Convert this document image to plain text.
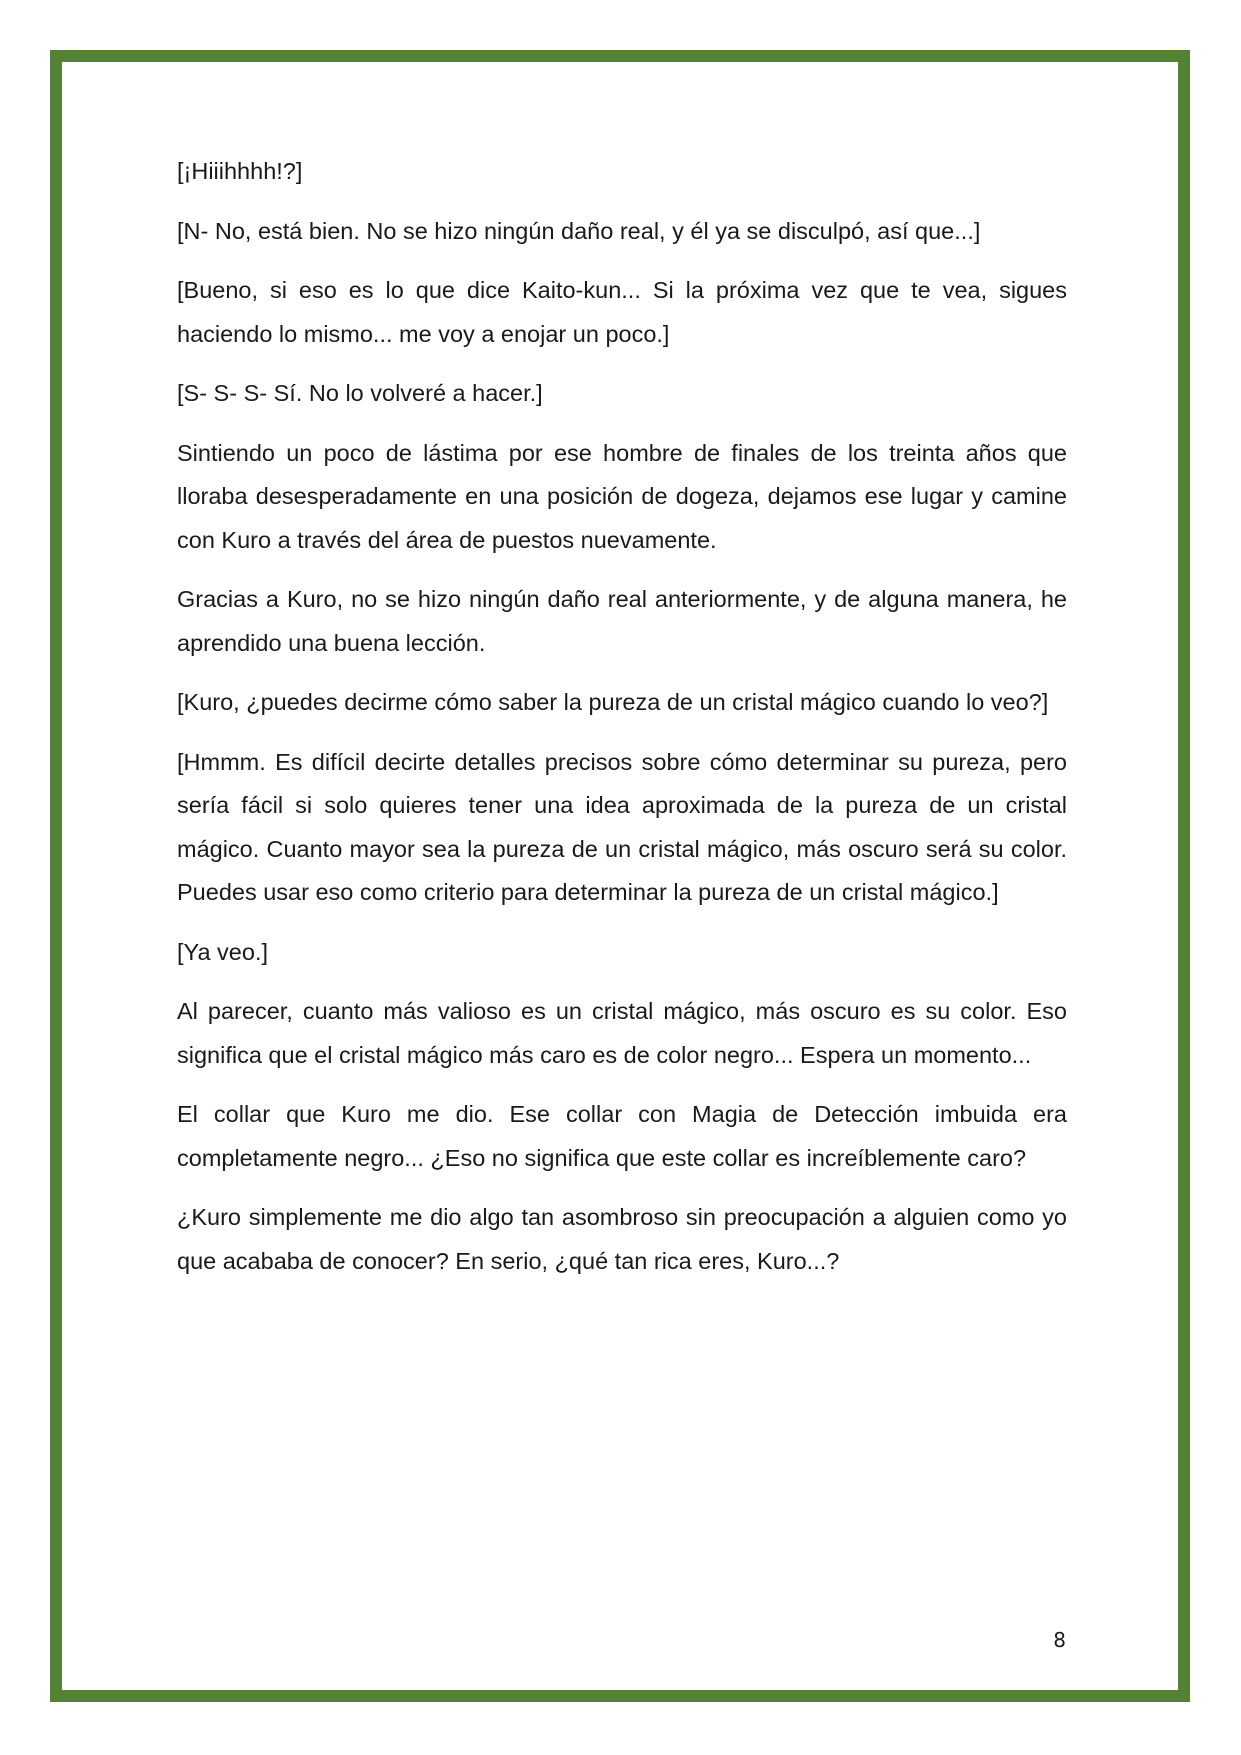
[¡Hiiihhhh!?]

[N- No, está bien. No se hizo ningún daño real, y él ya se disculpó, así que...]

[Bueno, si eso es lo que dice Kaito-kun... Si la próxima vez que te vea, sigues haciendo lo mismo... me voy a enojar un poco.]

[S- S- S- Sí. No lo volveré a hacer.]

Sintiendo un poco de lástima por ese hombre de finales de los treinta años que lloraba desesperadamente en una posición de dogeza, dejamos ese lugar y camine con Kuro a través del área de puestos nuevamente.

Gracias a Kuro, no se hizo ningún daño real anteriormente, y de alguna manera, he aprendido una buena lección.

[Kuro, ¿puedes decirme cómo saber la pureza de un cristal mágico cuando lo veo?]

[Hmmm. Es difícil decirte detalles precisos sobre cómo determinar su pureza, pero sería fácil si solo quieres tener una idea aproximada de la pureza de un cristal mágico. Cuanto mayor sea la pureza de un cristal mágico, más oscuro será su color. Puedes usar eso como criterio para determinar la pureza de un cristal mágico.]

[Ya veo.]

Al parecer, cuanto más valioso es un cristal mágico, más oscuro es su color. Eso significa que el cristal mágico más caro es de color negro... Espera un momento...

El collar que Kuro me dio. Ese collar con Magia de Detección imbuida era completamente negro... ¿Eso no significa que este collar es increíblemente caro?

¿Kuro simplemente me dio algo tan asombroso sin preocupación a alguien como yo que acababa de conocer? En serio, ¿qué tan rica eres, Kuro...?

8
